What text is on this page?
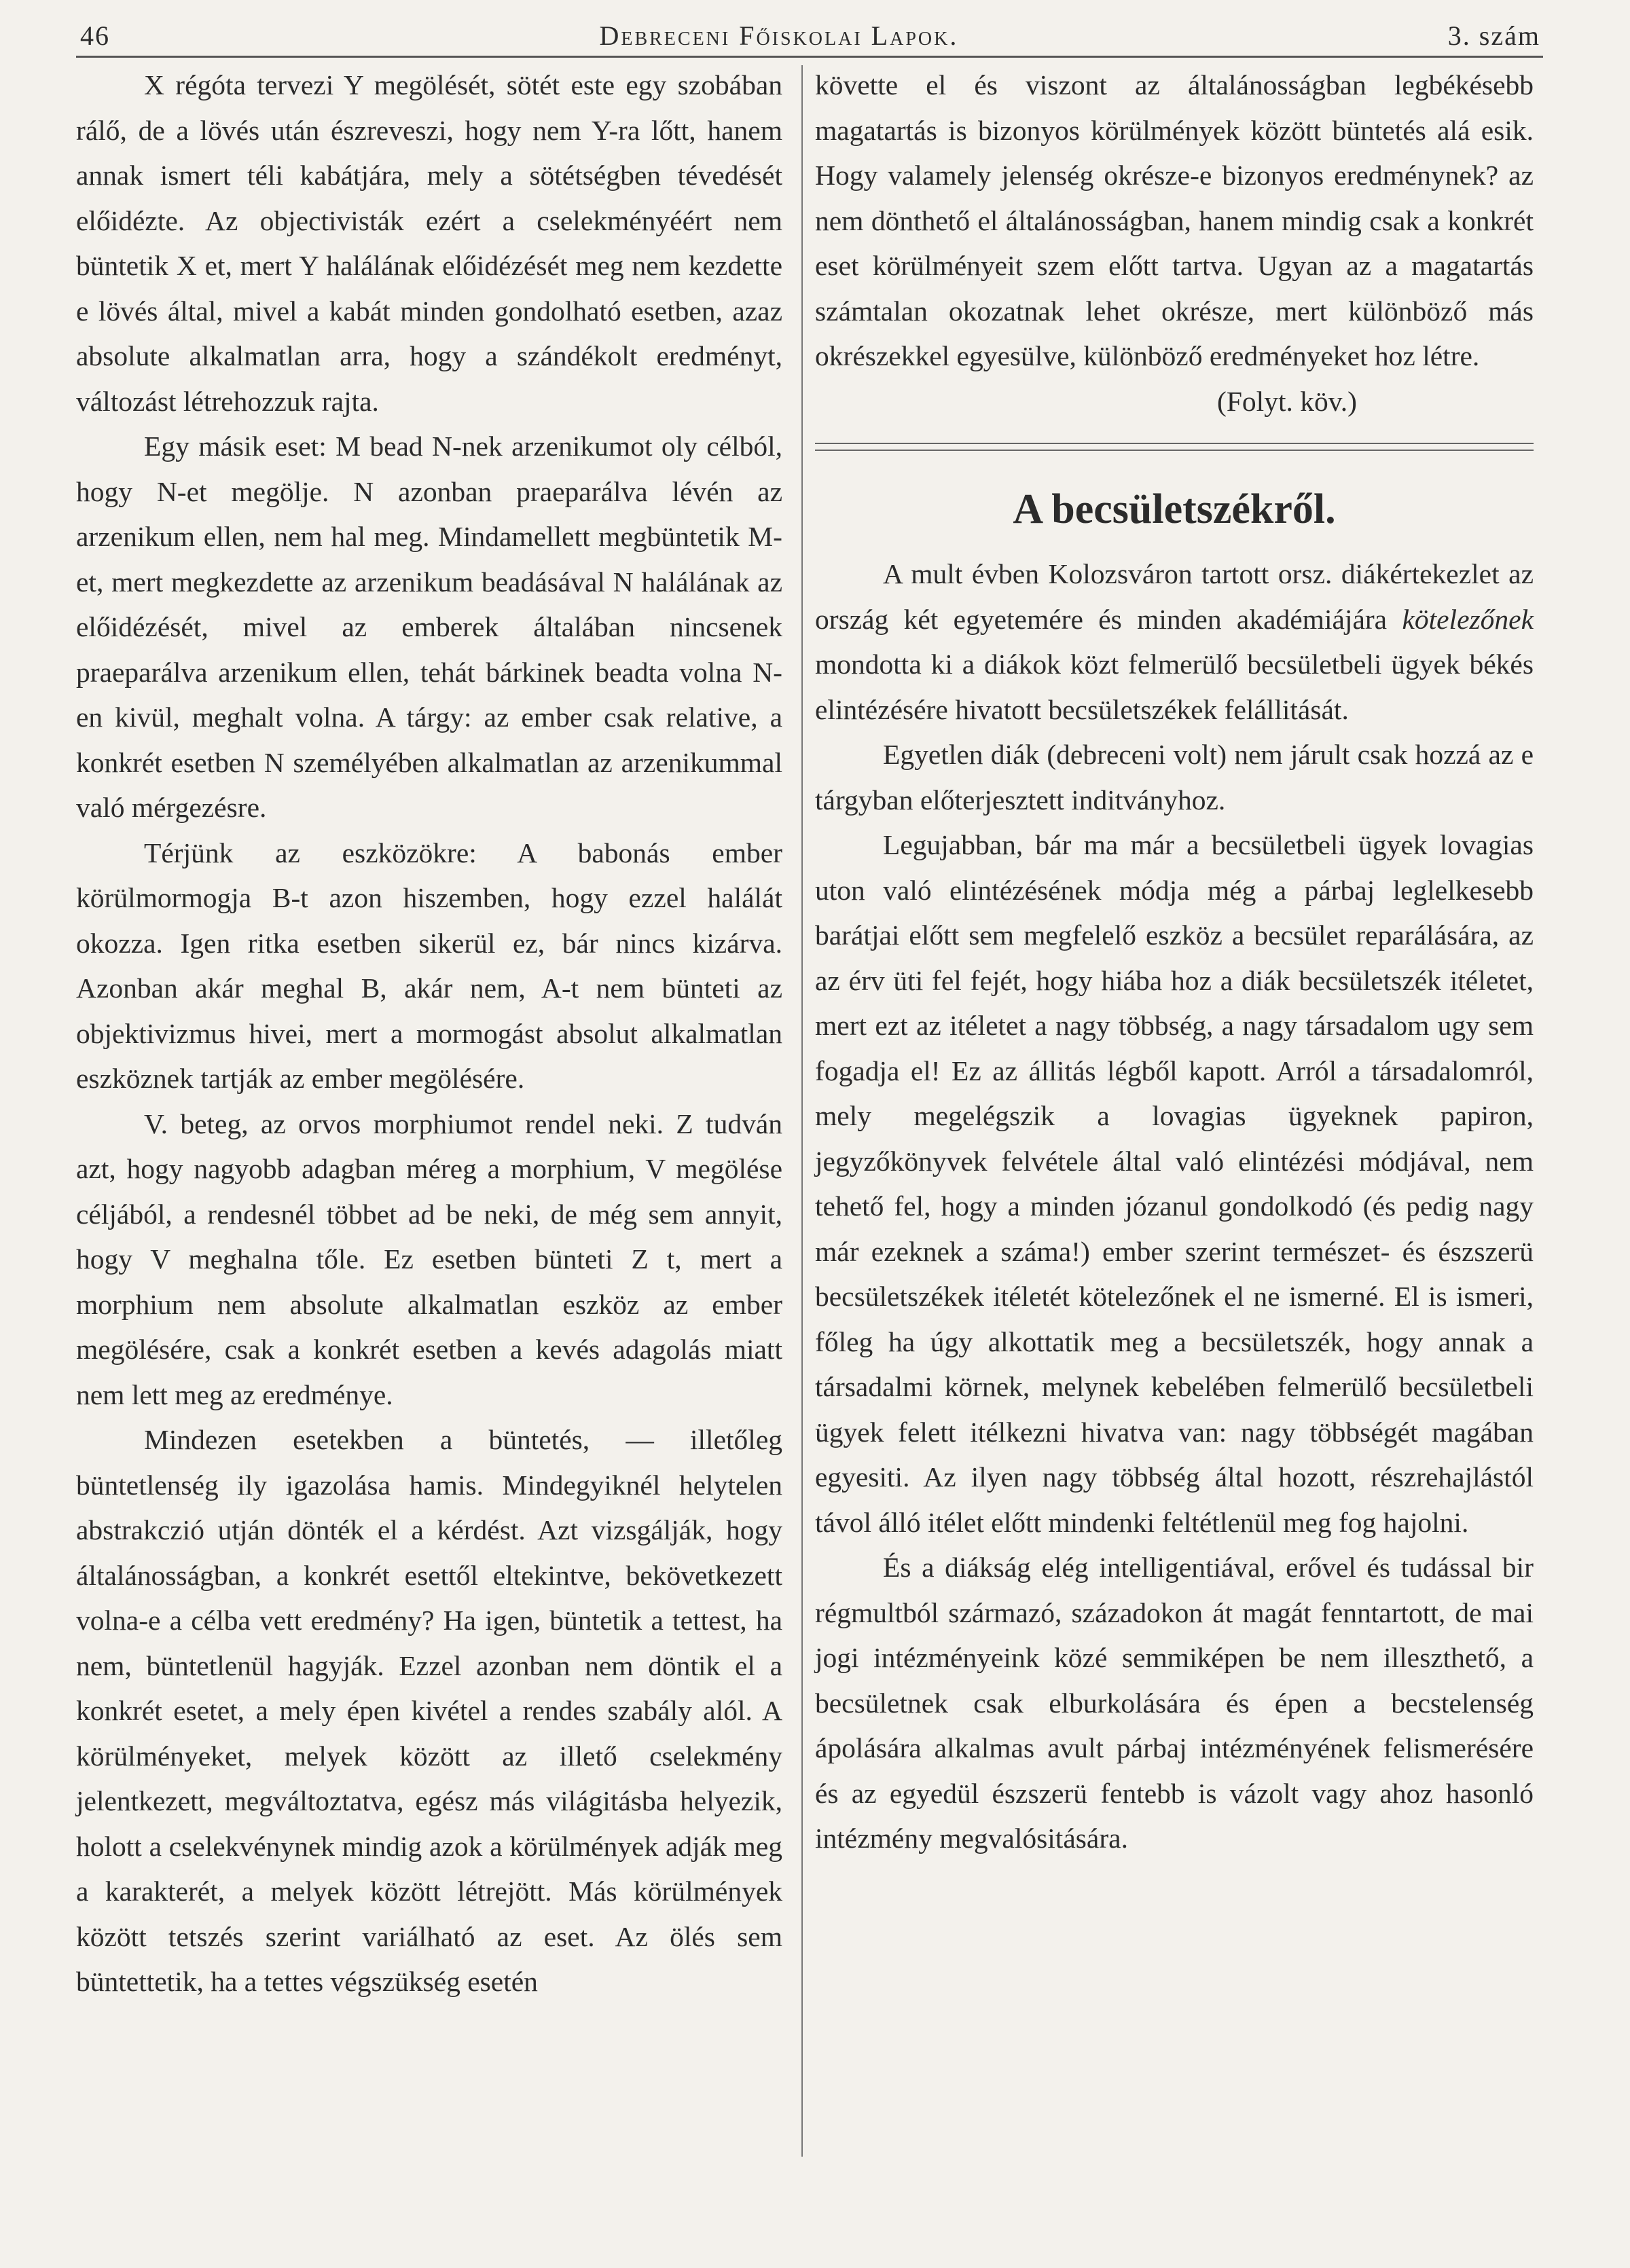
46	Debreceni Főiskolai Lapok.	3. szám

X régóta tervezi Y megölését, sötét este egy szobában rálő, de a lövés után észreveszi, hogy nem Y-ra lőtt, hanem annak ismert téli kabátjára, mely a sötétségben tévedését előidézte. Az objectivisták ezért a cselekményéért nem büntetik X et, mert Y halálának előidézését meg nem kezdette e lövés által, mivel a kabát minden gondolható esetben, azaz absolute alkalmatlan arra, hogy a szándékolt eredményt, változást létrehozzuk rajta.

Egy másik eset: M bead N-nek arzenikumot oly célból, hogy N-et megölje. N azonban praeparálva lévén az arzenikum ellen, nem hal meg. Mindamellett megbüntetik M-et, mert megkezdette az arzenikum beadásával N halálának az előidézését, mivel az emberek általában nincsenek praeparálva arzenikum ellen, tehát bárkinek beadta volna N-en kivül, meghalt volna. A tárgy: az ember csak relative, a konkrét esetben N személyében alkalmatlan az arzenikummal való mérgezésre.

Térjünk az eszközökre: A babonás ember körülmormogja B-t azon hiszemben, hogy ezzel halálát okozza. Igen ritka esetben sikerül ez, bár nincs kizárva. Azonban akár meghal B, akár nem, A-t nem bünteti az objektivizmus hivei, mert a mormogást absolut alkalmatlan eszköznek tartják az ember megölésére.

V. beteg, az orvos morphiumot rendel neki. Z tudván azt, hogy nagyobb adagban méreg a morphium, V megölése céljából, a rendesnél többet ad be neki, de még sem annyit, hogy V meghalna tőle. Ez esetben bünteti Z t, mert a morphium nem absolute alkalmatlan eszköz az ember megölésére, csak a konkrét esetben a kevés adagolás miatt nem lett meg az eredménye.

Mindezen esetekben a büntetés, — illetőleg büntetlenség ily igazolása hamis. Mindegyiknél helytelen abstrakczió utján dönték el a kérdést. Azt vizsgálják, hogy általánosságban, a konkrét esettől eltekintve, bekövetkezett volna-e a célba vett eredmény? Ha igen, büntetik a tettest, ha nem, büntetlenül hagyják. Ezzel azonban nem döntik el a konkrét esetet, a mely épen kivétel a rendes szabály alól. A körülményeket, melyek között az illető cselekmény jelentkezett, megváltoztatva, egész más világitásba helyezik, holott a cselekvénynek mindig azok a körülmények adják meg a karakterét, a melyek között létrejött. Más körülmények között tetszés szerint variálható az eset. Az ölés sem büntettetik, ha a tettes végszükség esetén

követte el és viszont az általánosságban legbékésebb magatartás is bizonyos körülmények között büntetés alá esik. Hogy valamely jelenség okrésze-e bizonyos eredménynek? az nem dönthető el általánosságban, hanem mindig csak a konkrét eset körülményeit szem előtt tartva. Ugyan az a magatartás számtalan okozatnak lehet okrésze, mert különböző más okrészekkel egyesülve, különböző eredményeket hoz létre.

(Folyt. köv.)

A becsületszékről.

A mult évben Kolozsváron tartott orsz. diákértekezlet az ország két egyetemére és minden akadémiájára kötelezőnek mondotta ki a diákok közt felmerülő becsületbeli ügyek békés elintézésére hivatott becsületszékek felállitását.

Egyetlen diák (debreceni volt) nem járult csak hozzá az e tárgyban előterjesztett inditványhoz.

Legujabban, bár ma már a becsületbeli ügyek lovagias uton való elintézésének módja még a párbaj leglelkesebb barátjai előtt sem megfelelő eszköz a becsület reparálására, az az érv üti fel fejét, hogy hiába hoz a diák becsületszék itéletet, mert ezt az itéletet a nagy többség, a nagy társadalom ugy sem fogadja el! Ez az állitás légből kapott. Arról a társadalomról, mely megelégszik a lovagias ügyeknek papiron, jegyzőkönyvek felvétele által való elintézési módjával, nem tehető fel, hogy a minden józanul gondolkodó (és pedig nagy már ezeknek a száma!) ember szerint természet- és észszerü becsületszékek itéletét kötelezőnek el ne ismerné. El is ismeri, főleg ha úgy alkottatik meg a becsületszék, hogy annak a társadalmi körnek, melynek kebelében felmerülő becsületbeli ügyek felett itélkezni hivatva van: nagy többségét magában egyesiti. Az ilyen nagy többség által hozott, részrehajlástól távol álló itélet előtt mindenki feltétlenül meg fog hajolni.

És a diákság elég intelligentiával, erővel és tudással bir régmultból származó, századokon át magát fenntartott, de mai jogi intézményeink közé semmiképen be nem illeszthető, a becsületnek csak elburkolására és épen a becstelenség ápolására alkalmas avult párbaj intézményének felismerésére és az egyedül észszerü fentebb is vázolt vagy ahoz hasonló intézmény megvalósitására.
